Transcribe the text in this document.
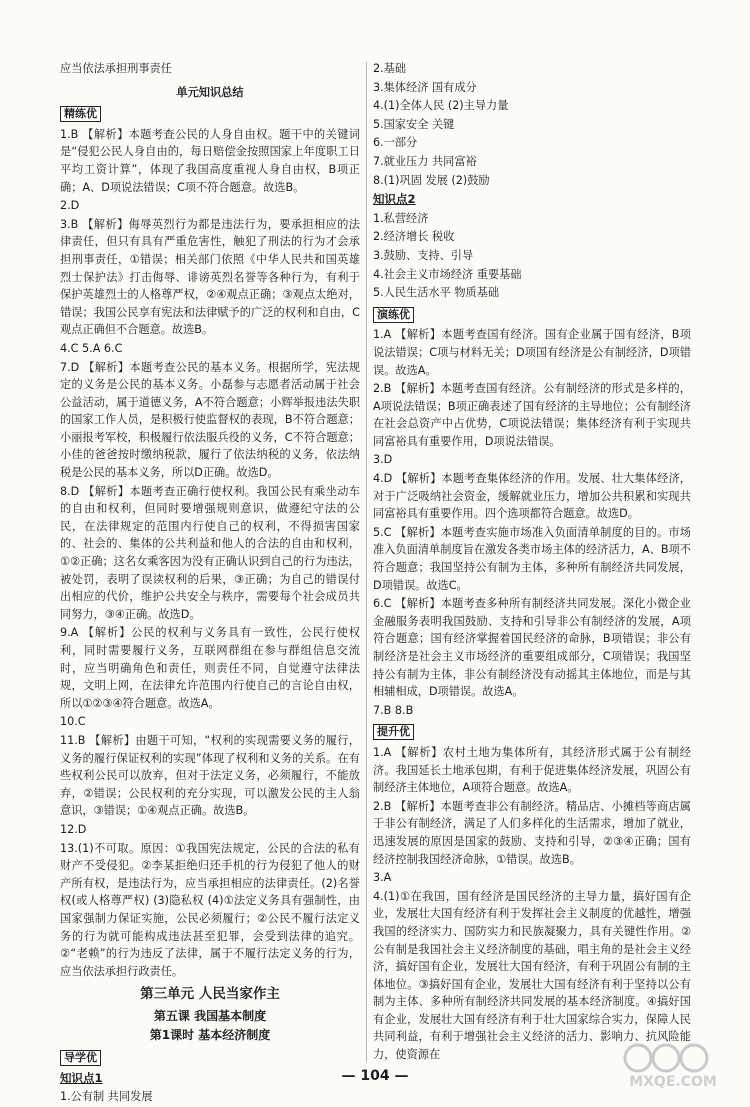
应当依法承担刑事责任
单元知识总结
精练优
1.B 【解析】本题考查公民的人身自由权。题干中的关键词是“侵犯公民人身自由的，每日赔偿金按照国家上年度职工日平均工资计算”，体现了我国高度重视人身自由权，B项正确；A、D项说法错误；C项不符合题意。故选B。
2.D
3.B 【解析】侮辱英烈行为都是违法行为，要承担相应的法律责任，但只有具有严重危害性，触犯了刑法的行为才会承担刑事责任，①错误；相关部门依照《中华人民共和国英雄烈士保护法》打击侮辱、诽谤英烈名誉等各种行为，有利于保护英雄烈士的人格尊严权，②④观点正确；③观点太绝对，错误；我国公民享有宪法和法律赋予的广泛的权利和自由，C观点正确但不合题意。故选B。
4.C 5.A 6.C
7.D 【解析】本题考查公民的基本义务。根据所学，宪法规定的义务是公民的基本义务。小磊参与志愿者活动属于社会公益活动，属于道德义务，A不符合题意；小辉举报违法失职的国家工作人员，是积极行使监督权的表现，B不符合题意；小丽报考军校，积极履行依法服兵役的义务，C不符合题意；小佳的爸爸按时缴纳税款，履行了依法纳税的义务，依法纳税是公民的基本义务，所以D正确。故选D。
8.D 【解析】本题考查正确行使权利。我国公民有乘坐动车的自由和权利，但同时要增强规则意识，做遵纪守法的公民，在法律规定的范围内行使自己的权利，不得损害国家的、社会的、集体的公共利益和他人的合法的自由和权利，①②正确；这名女乘客因为没有正确认识到自己的行为违法，被处罚，表明了误读权利的后果，③正确；为自己的错误付出相应的代价，维护公共安全与秩序，需要每个社会成员共同努力，③④正确。故选D。
9.A 【解析】公民的权利与义务具有一致性，公民行使权利，同时需要履行义务，互联网群组在参与群组信息交流时，应当明确角色和责任，则责任不同，自觉遵守法律法规，文明上网，在法律允许范围内行使自己的言论自由权，所以①②③④符合题意。故选A。
10.C
11.B 【解析】由题干可知，“权利的实现需要义务的履行，义务的履行保证权利的实现”体现了权利和义务的关系。在有些权利公民可以放弃，但对于法定义务，必须履行，不能放弃，②错误；公民权利的充分实现，可以激发公民的主人翁意识，③错误；①④观点正确。故选B。
12.D
13.(1)不可取。原因：①我国宪法规定，公民的合法的私有财产不受侵犯。②李某拒绝归还手机的行为侵犯了他人的财产所有权，是违法行为，应当承担相应的法律责任。(2)名誉权(或人格尊严权) (3)隐私权 (4)①法定义务具有强制性，由国家强制力保证实施，公民必须履行；②公民不履行法定义务的行为就可能构成违法甚至犯罪，会受到法律的追究。②“老赖”的行为违反了法律，属于不履行法定义务的行为，应当依法承担行政责任。
第三单元 人民当家作主
第五课 我国基本制度
第1课时 基本经济制度
导学优
知识点1
1.公有制 共同发展
2.基础
3.集体经济 国有成分
4.(1)全体人民 (2)主导力量
5.国家安全 关键
6.一部分
7.就业压力 共同富裕
8.(1)巩固 发展 (2)鼓励
知识点2
1.私营经济
2.经济增长 税收
3.鼓励、支持、引导
4.社会主义市场经济 重要基础
5.人民生活水平 物质基础
演练优
1.A 【解析】本题考查国有经济。国有企业属于国有经济，B项说法错误；C项与材料无关；D项国有经济是公有制经济，D项错误。故选A。
2.B 【解析】本题考查国有经济。公有制经济的形式是多样的，A项说法错误；B项正确表述了国有经济的主导地位；公有制经济在社会总资产中占优势，C项说法错误；集体经济有利于实现共同富裕具有重要作用，D项说法错误。
3.D
4.D 【解析】本题考查集体经济的作用。发展、壮大集体经济，对于广泛吸纳社会资金，缓解就业压力，增加公共积累和实现共同富裕具有重要作用。四个选项都符合题意。故选D。
5.C 【解析】本题考查实施市场准入负面清单制度的目的。市场准入负面清单制度旨在激发各类市场主体的经济活力，A、B项不符合题意；我国坚持公有制为主体，多种所有制经济共同发展，D项错误。故选C。
6.C 【解析】本题考查多种所有制经济共同发展。深化小微企业金融服务表明我国鼓励、支持和引导非公有制经济的发展，A项符合题意；国有经济掌握着国民经济的命脉，B项错误；非公有制经济是社会主义市场经济的重要组成部分，C项错误；我国坚持公有制为主体，非公有制经济没有动摇其主体地位，而是与其相辅相成，D项错误。故选A。
7.B 8.B
提升优
1.A 【解析】农村土地为集体所有，其经济形式属于公有制经济。我国延长土地承包期，有利于促进集体经济发展，巩固公有制经济主体地位，A项符合题意。故选A。
2.B 【解析】本题考查非公有制经济。精品店、小摊档等商店属于非公有制经济，满足了人们多样化的生活需求，增加了就业，迅速发展的原因是国家的鼓励、支持和引导，②③④正确；国有经济控制我国经济命脉，①错误。故选B。
3.A
4.(1)①在我国，国有经济是国民经济的主导力量，搞好国有企业，发展壮大国有经济有利于发挥社会主义制度的优越性，增强我国的经济实力、国防实力和民族凝聚力，具有关键性作用。②公有制是我国社会主义经济制度的基础，唱主角的是社会主义经济，搞好国有企业，发展壮大国有经济，有利于巩固公有制的主体地位。③搞好国有企业，发展壮大国有经济有利于坚持以公有制为主体、多种所有制经济共同发展的基本经济制度。④搞好国有企业，发展壮大国有经济有利于壮大国家综合实力，保障人民共同利益，有利于增强社会主义经济的活力、影响力、抗风险能力，使资源在
— 104 —	MXQE.COM
